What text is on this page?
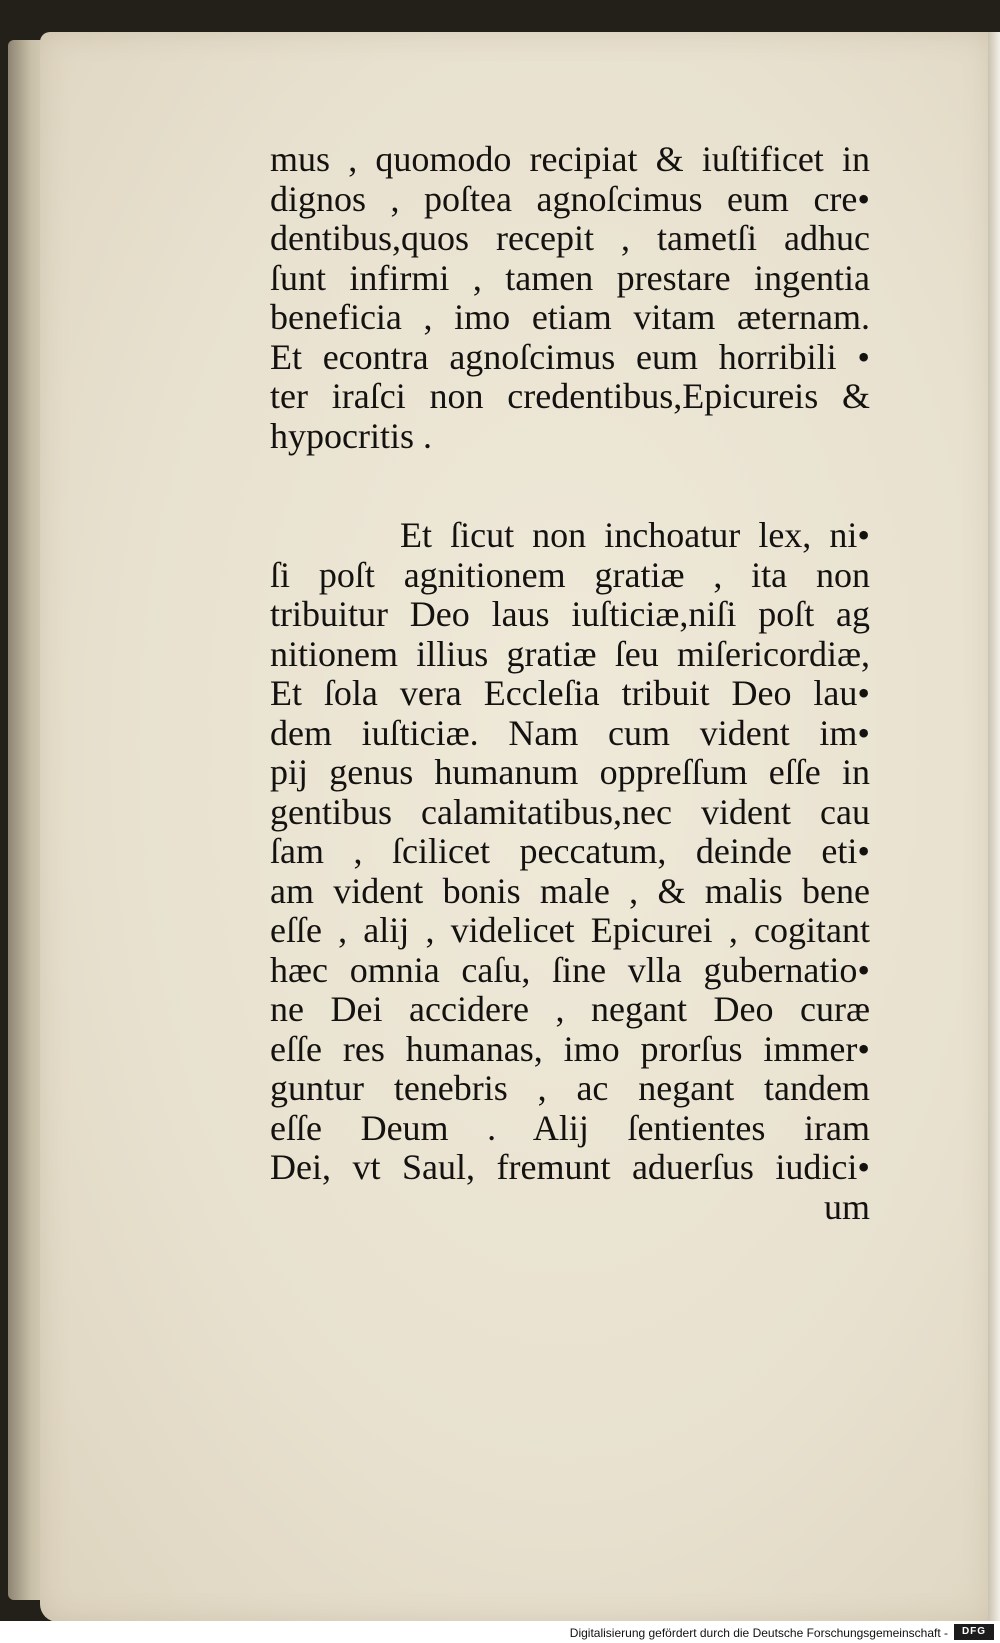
mus , quomodo recipiat & iuſtificet in
dignos , poſtea agnoſcimus eum cre•
dentibus,quos recepit , tametſi adhuc
ſunt infirmi , tamen prestare ingentia
beneficia , imo etiam vitam æternam.
Et econtra agnoſcimus eum horribili •
ter iraſci non credentibus,Epicureis &
hypocritis .
Et ſicut non inchoatur lex, ni•
ſi poſt agnitionem gratiæ , ita non
tribuitur Deo laus iuſticiæ,niſi poſt ag
nitionem illius gratiæ ſeu miſericordiæ,
Et ſola vera Eccleſia tribuit Deo lau•
dem iuſticiæ. Nam cum vident im•
pij genus humanum oppreſſum eſſe in
gentibus calamitatibus,nec vident cau
ſam , ſcilicet peccatum, deinde eti•
am vident bonis male , & malis bene
eſſe , alij , videlicet Epicurei , cogitant
hæc omnia caſu, ſine vlla gubernatio•
ne Dei accidere , negant Deo curæ
eſſe res humanas, imo prorſus immer•
guntur tenebris , ac negant tandem
eſſe Deum . Alij ſentientes iram
Dei, vt Saul, fremunt aduerſus iudici•
um
Digitalisierung gefördert durch die Deutsche Forschungsgemeinschaft -	DFG
